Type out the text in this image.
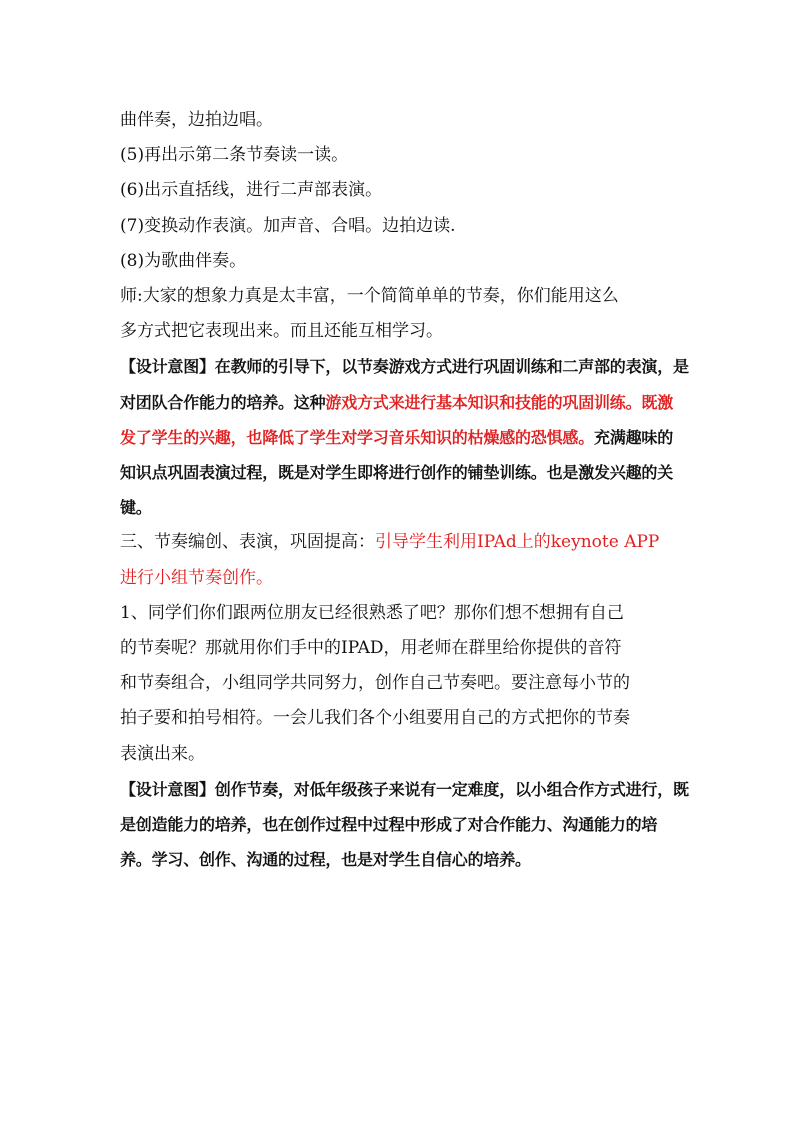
曲伴奏，边拍边唱。

(5)再出示第二条节奏读一读。

(6)出示直括线，进行二声部表演。

(7)变换动作表演。加声音、合唱。边拍边读.

(8)为歌曲伴奏。

师:大家的想象力真是太丰富，一个简简单单的节奏，你们能用这么

多方式把它表现出来。而且还能互相学习。

【设计意图】在教师的引导下，以节奏游戏方式进行巩固训练和二声部的表演，是

对团队合作能力的培养。这种游戏方式来进行基本知识和技能的巩固训练。既激

发了学生的兴趣，也降低了学生对学习音乐知识的枯燥感的恐惧感。充满趣味的

知识点巩固表演过程，既是对学生即将进行创作的铺垫训练。也是激发兴趣的关

键。

三、节奏编创、表演，巩固提高：引导学生利用IPAd上的keynote APP

进行小组节奏创作。

1、同学们你们跟两位朋友已经很熟悉了吧？那你们想不想拥有自己

的节奏呢？那就用你们手中的IPAD，用老师在群里给你提供的音符

和节奏组合，小组同学共同努力，创作自己节奏吧。要注意每小节的

拍子要和拍号相符。一会儿我们各个小组要用自己的方式把你的节奏

表演出来。

【设计意图】创作节奏，对低年级孩子来说有一定难度，以小组合作方式进行，既

是创造能力的培养，也在创作过程中过程中形成了对合作能力、沟通能力的培

养。学习、创作、沟通的过程，也是对学生自信心的培养。
